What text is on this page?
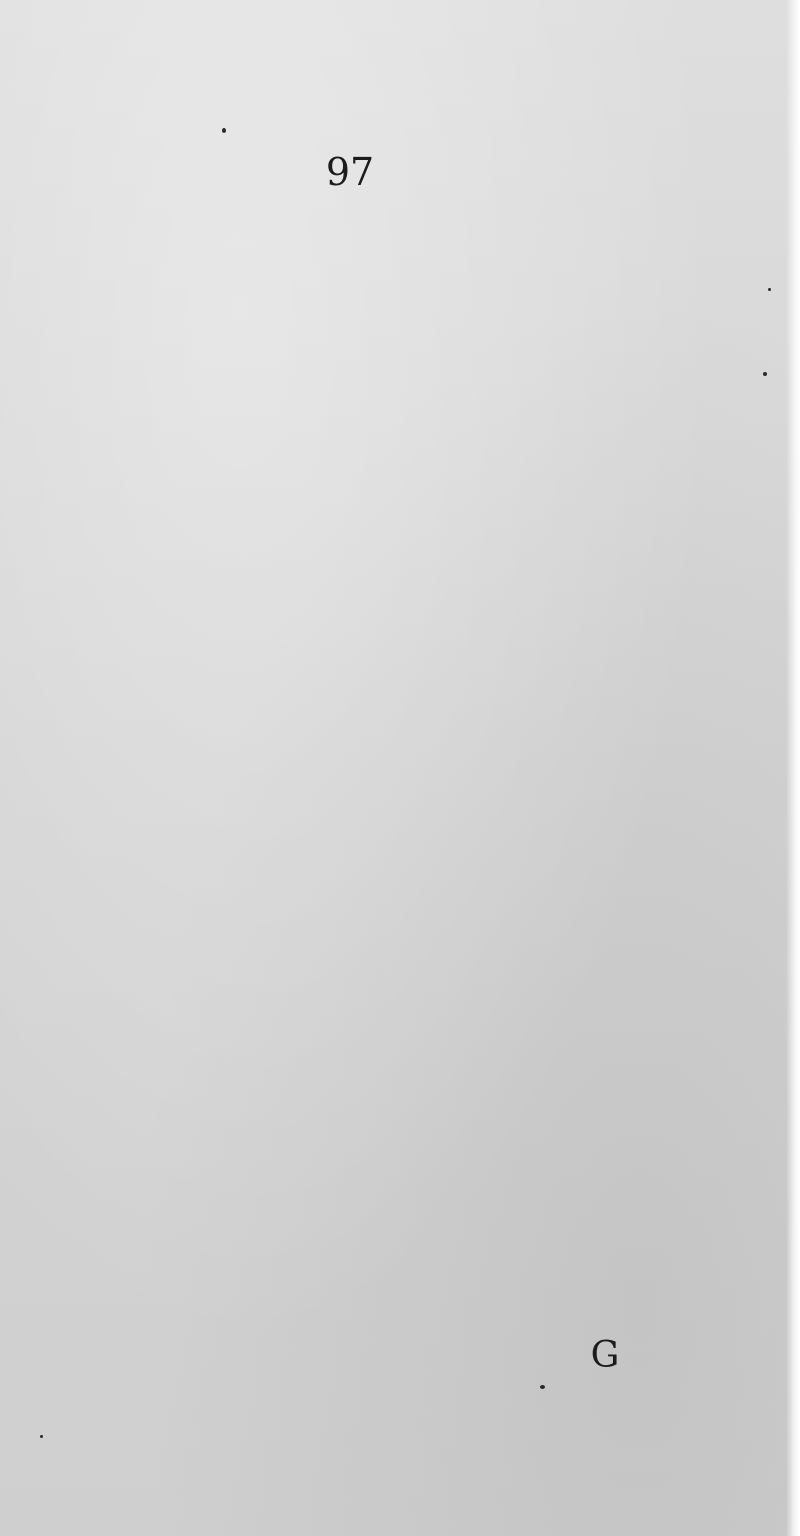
97
G
